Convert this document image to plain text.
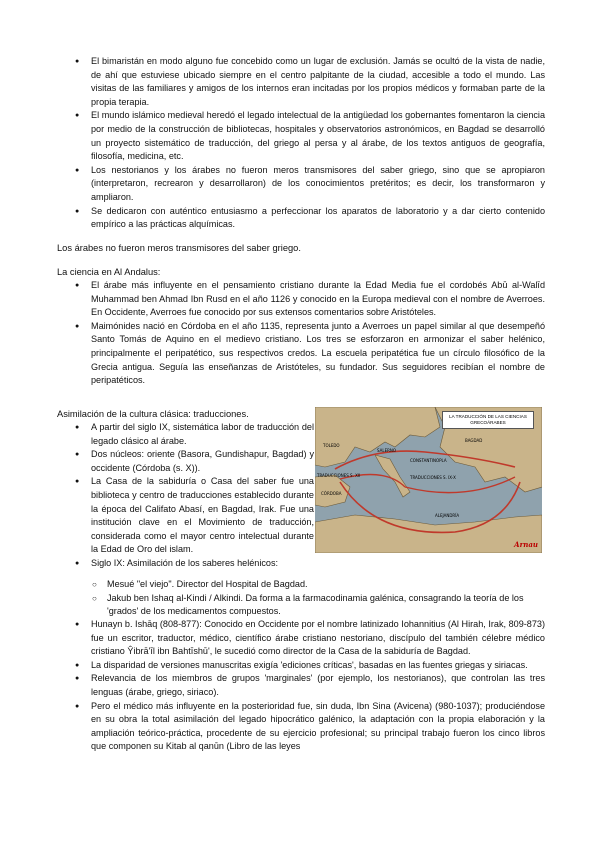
● El bimaristán en modo alguno fue concebido como un lugar de exclusión. Jamás se ocultó de la vista de nadie, de ahí que estuviese ubicado siempre en el centro palpitante de la ciudad, accesible a todo el mundo. Las visitas de las familiares y amigos de los internos eran incitadas por los propios médicos y formaban parte de la propia terapia.
● El mundo islámico medieval heredó el legado intelectual de la antigüedad los gobernantes fomentaron la ciencia por medio de la construcción de bibliotecas, hospitales y observatorios astronómicos, en Bagdad se desarrolló un proyecto sistemático de traducción, del griego al persa y al árabe, de los textos antiguos de geografía, filosofía, medicina, etc.
● Los nestorianos y los árabes no fueron meros transmisores del saber griego, sino que se apropiaron (interpretaron, recrearon y desarrollaron) de los conocimientos pretéritos; es decir, los transformaron y ampliaron.
● Se dedicaron con auténtico entusiasmo a perfeccionar los aparatos de laboratorio y a dar cierto contenido empírico a las prácticas alquímicas.
Los árabes no fueron meros transmisores del saber griego.
La ciencia en Al Andalus:
● El árabe más influyente en el pensamiento cristiano durante la Edad Media fue el cordobés Abū al-Walīd Muhammad ben Ahmad Ibn Rusd en el año 1126 y conocido en la Europa medieval con el nombre de Averroes. En Occidente, Averroes fue conocido por sus extensos comentarios sobre Aristóteles.
● Maimónides nació en Córdoba en el año 1135, representa junto a Averroes un papel similar al que desempeñó Santo Tomás de Aquino en el medievo cristiano. Los tres se esforzaron en armonizar el saber helénico, principalmente el peripatético, sus respectivos credos. La escuela peripatética fue un círculo filosófico de la Grecia antigua. Seguía las enseñanzas de Aristóteles, su fundador. Sus seguidores recibían el nombre de peripatéticos.
Asimilación de la cultura clásica: traducciones.
● A partir del siglo IX, sistemática labor de traducción del legado clásico al árabe.
● Dos núcleos: oriente (Basora, Gundishapur, Bagdad) y occidente (Córdoba (s. X)).
● La Casa de la sabiduría o Casa del saber fue una biblioteca y centro de traducciones establecido durante la época del Califato Abasí, en Bagdad, Irak. Fue una institución clave en el Movimiento de traducción, considerada como el mayor centro intelectual durante la Edad de Oro del islam.
● Siglo IX: Asimilación de los saberes helénicos:
○ Mesué "el viejo". Director del Hospital de Bagdad.
○ Jakub ben Ishaq al-Kindi / Alkindi. Da forma a la farmacodinamia galénica, consagrando la teoría de los 'grados' de los medicamentos compuestos.
● Hunayn b. Ishāq (808-877): Conocido en Occidente por el nombre latinizado Iohannitius (Al Hirah, Irak, 809-873) fue un escritor, traductor, médico, científico árabe cristiano nestoriano, discípulo del también célebre médico cristiano Ŷibrā'īl ibn Bahtīshū', le sucedió como director de la Casa de la sabiduría de Bagdad.
● La disparidad de versiones manuscritas exigía 'ediciones críticas', basadas en las fuentes griegas y siriacas.
● Relevancia de los miembros de grupos 'marginales' (por ejemplo, los nestorianos), que controlan las tres lenguas (árabe, griego, siriaco).
● Pero el médico más influyente en la posterioridad fue, sin duda, Ibn Sina (Avicena) (980-1037); produciéndose en su obra la total asimilación del legado hipocrático galénico, la adaptación con la propia elaboración y la ampliación teórico-práctica, procedente de su ejercicio profesional; su principal trabajo fueron los cinco libros que componen su Kitab al qanūn (Libro de las leyes
BAGDAD
TOLEDO
TRADUCCIONES S. XII
SALERNO
CONSTANTINOPLA
CÓRDOBA
TRADUCCIONES S. IX-X
ALEJANDRÍA
LA TRADUCCIÓN DE LAS CIENCIAS GRECOÁRABES
Arnau
